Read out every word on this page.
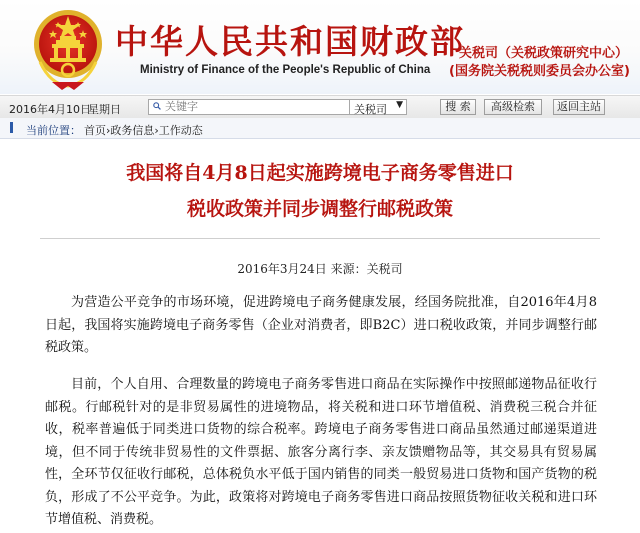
中华人民共和国财政部
Ministry of Finance of the People's Republic of China
关税司（关税政策研究中心）
(国务院关税税则委员会办公室)
2016年4月10日
星期日
关键字	关税司 ▼	搜 索	高级检索	返回主站
当前位置： 首页›政务信息›工作动态
我国将自4月8日起实施跨境电子商务零售进口
税收政策并同步调整行邮税政策
2016年3月24日 来源：关税司

为营造公平竞争的市场环境，促进跨境电子商务健康发展，经国务院批准，自2016年4月8日起，我国将实施跨境电子商务零售（企业对消费者，即B2C）进口税收政策，并同步调整行邮税政策。

目前，个人自用、合理数量的跨境电子商务零售进口商品在实际操作中按照邮递物品征收行邮税。行邮税针对的是非贸易属性的进境物品，将关税和进口环节增值税、消费税三税合并征收，税率普遍低于同类进口货物的综合税率。跨境电子商务零售进口商品虽然通过邮递渠道进境，但不同于传统非贸易性的文件票据、旅客分离行李、亲友馈赠物品等，其交易具有贸易属性，全环节仅征收行邮税，总体税负水平低于国内销售的同类一般贸易进口货物和国产货物的税负，形成了不公平竞争。为此，政策将对跨境电子商务零售进口商品按照货物征收关税和进口环节增值税、消费税。
